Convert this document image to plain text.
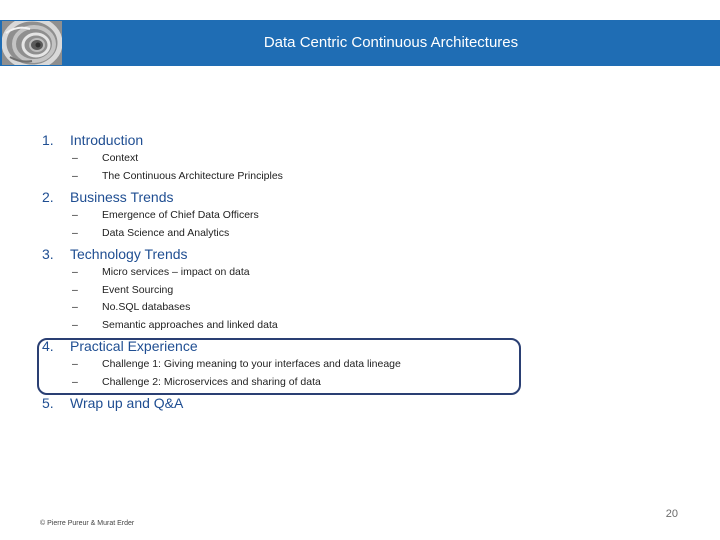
Data Centric Continuous Architectures
1.	Introduction
–	Context
–	The Continuous Architecture Principles
2.	Business Trends
–	Emergence of Chief Data Officers
–	Data Science and Analytics
3.	Technology Trends
–	Micro services – impact on data
–	Event Sourcing
–	No.SQL databases
–	Semantic approaches and linked data
4.	Practical Experience
–	Challenge 1: Giving meaning to your interfaces and data lineage
–	Challenge 2: Microservices and sharing of data
5.	Wrap up and Q&A
20
© Pierre Pureur & Murat Erder
